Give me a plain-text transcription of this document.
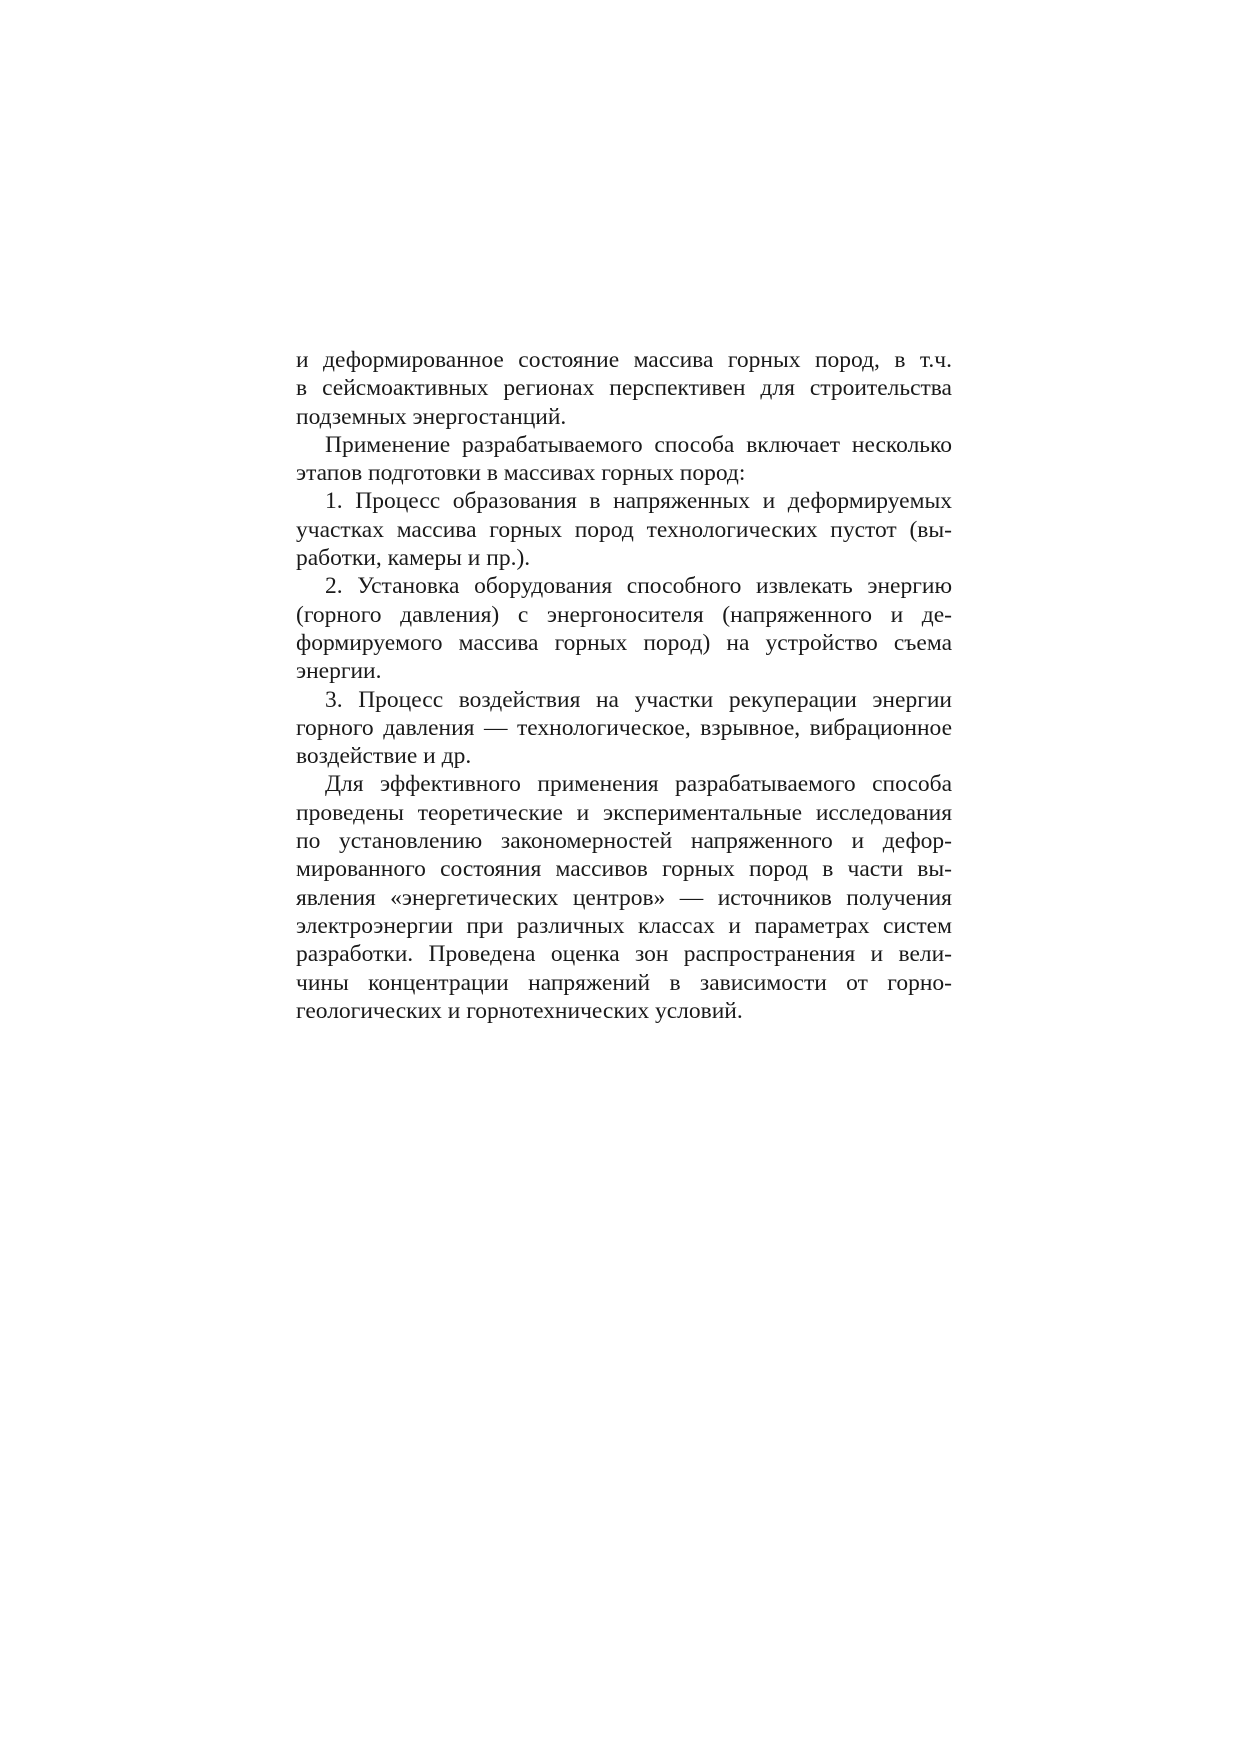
и деформированное состояние массива горных пород, в т.ч.
в сейсмоактивных регионах перспективен для строительства
подземных энергостанций.
Применение разрабатываемого способа включает несколько
этапов подготовки в массивах горных пород:
1. Процесс образования в напряженных и деформируемых
участках массива горных пород технологических пустот (вы-
работки, камеры и пр.).
2. Установка оборудования способного извлекать энергию
(горного давления) с энергоносителя (напряженного и де-
формируемого массива горных пород) на устройство съема
энергии.
3. Процесс воздействия на участки рекуперации энергии
горного давления — технологическое, взрывное, вибрационное
воздействие и др.
Для эффективного применения разрабатываемого способа
проведены теоретические и экспериментальные исследования
по установлению закономерностей напряженного и дефор-
мированного состояния массивов горных пород в части вы-
явления «энергетических центров» — источников получения
электроэнергии при различных классах и параметрах систем
разработки. Проведена оценка зон распространения и вели-
чины концентрации напряжений в зависимости от горно-
геологических и горнотехнических условий.
